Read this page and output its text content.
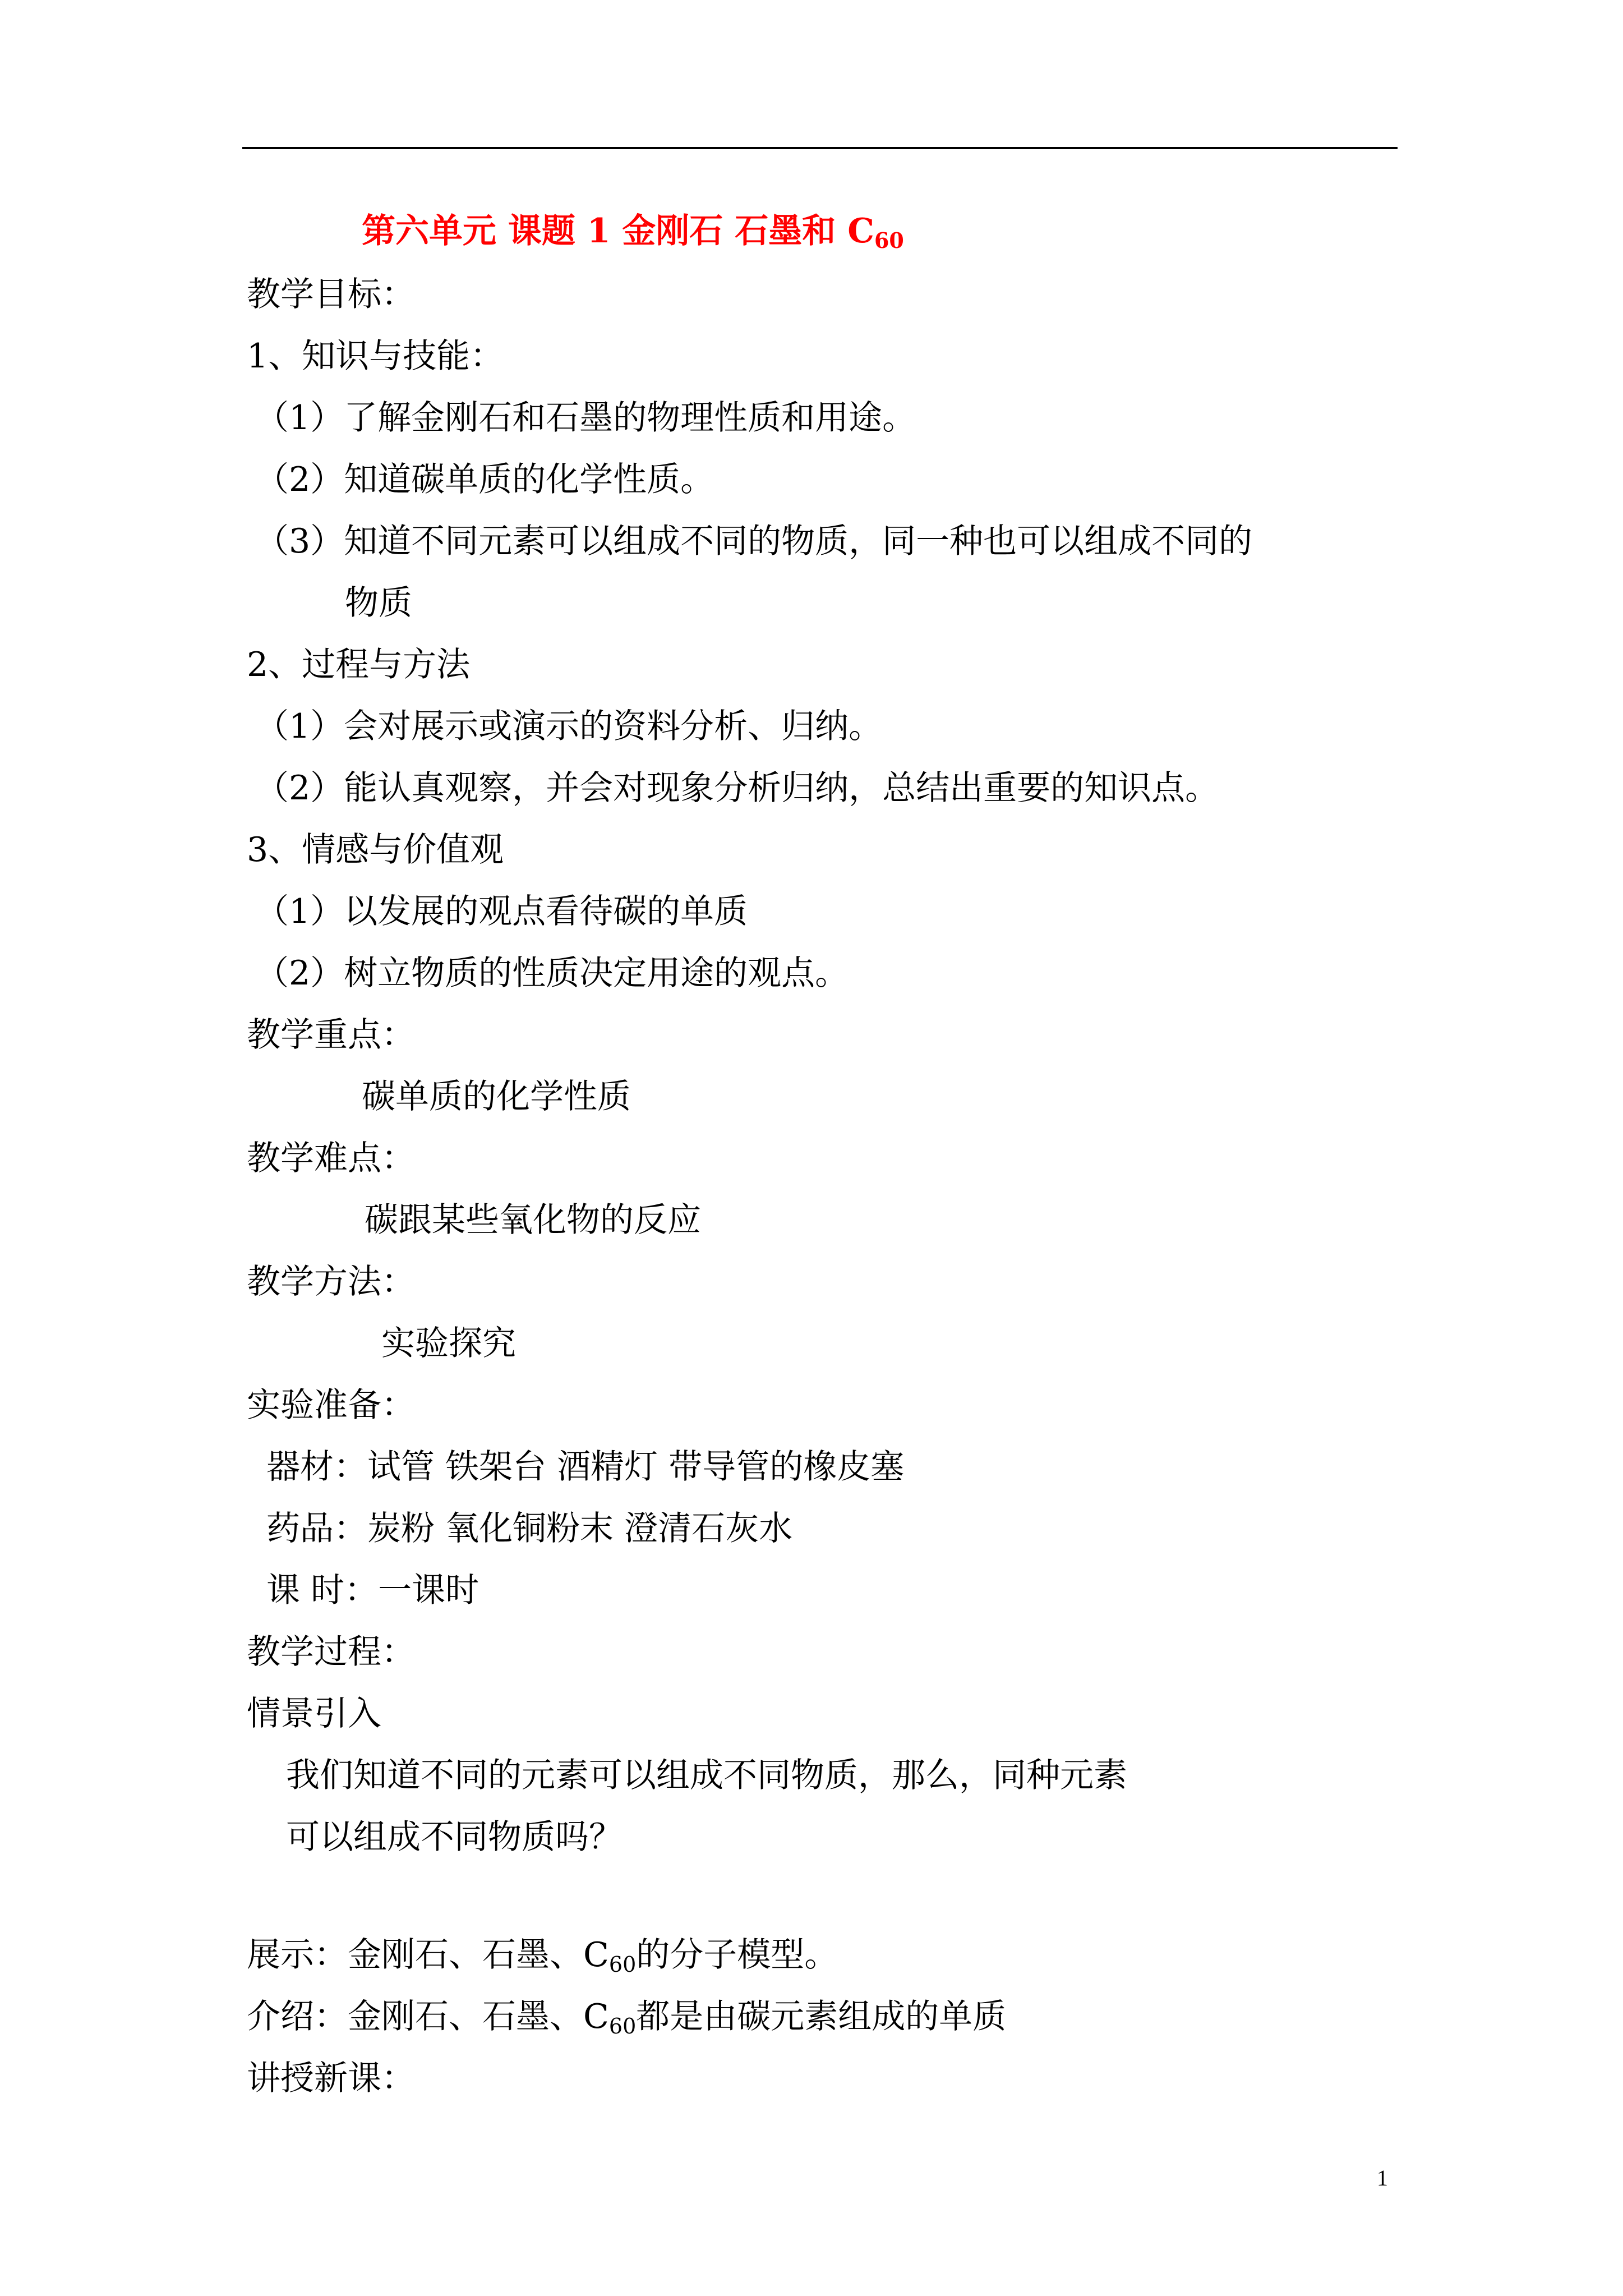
第六单元 课题 1 金刚石 石墨和 $C_{60}$
教学目标：
1、知识与技能：
（1）了解金刚石和石墨的物理性质和用途。
（2）知道碳单质的化学性质。
（3）知道不同元素可以组成不同的物质，同一种也可以组成不同的
物质
2、过程与方法
（1）会对展示或演示的资料分析、归纳。
（2）能认真观察，并会对现象分析归纳，总结出重要的知识点。
3、情感与价值观
（1）以发展的观点看待碳的单质
（2）树立物质的性质决定用途的观点。
教学重点：
碳单质的化学性质
教学难点：
碳跟某些氧化物的反应
教学方法：
实验探究
实验准备：
器材：试管 铁架台 酒精灯 带导管的橡皮塞
药品：炭粉 氧化铜粉末 澄清石灰水
课 时：一课时
教学过程：
情景引入
我们知道不同的元素可以组成不同物质，那么，同种元素
可以组成不同物质吗？
展示：金刚石、石墨、$C_{60}$的分子模型。
介绍：金刚石、石墨、$C_{60}$都是由碳元素组成的单质
讲授新课：
1
